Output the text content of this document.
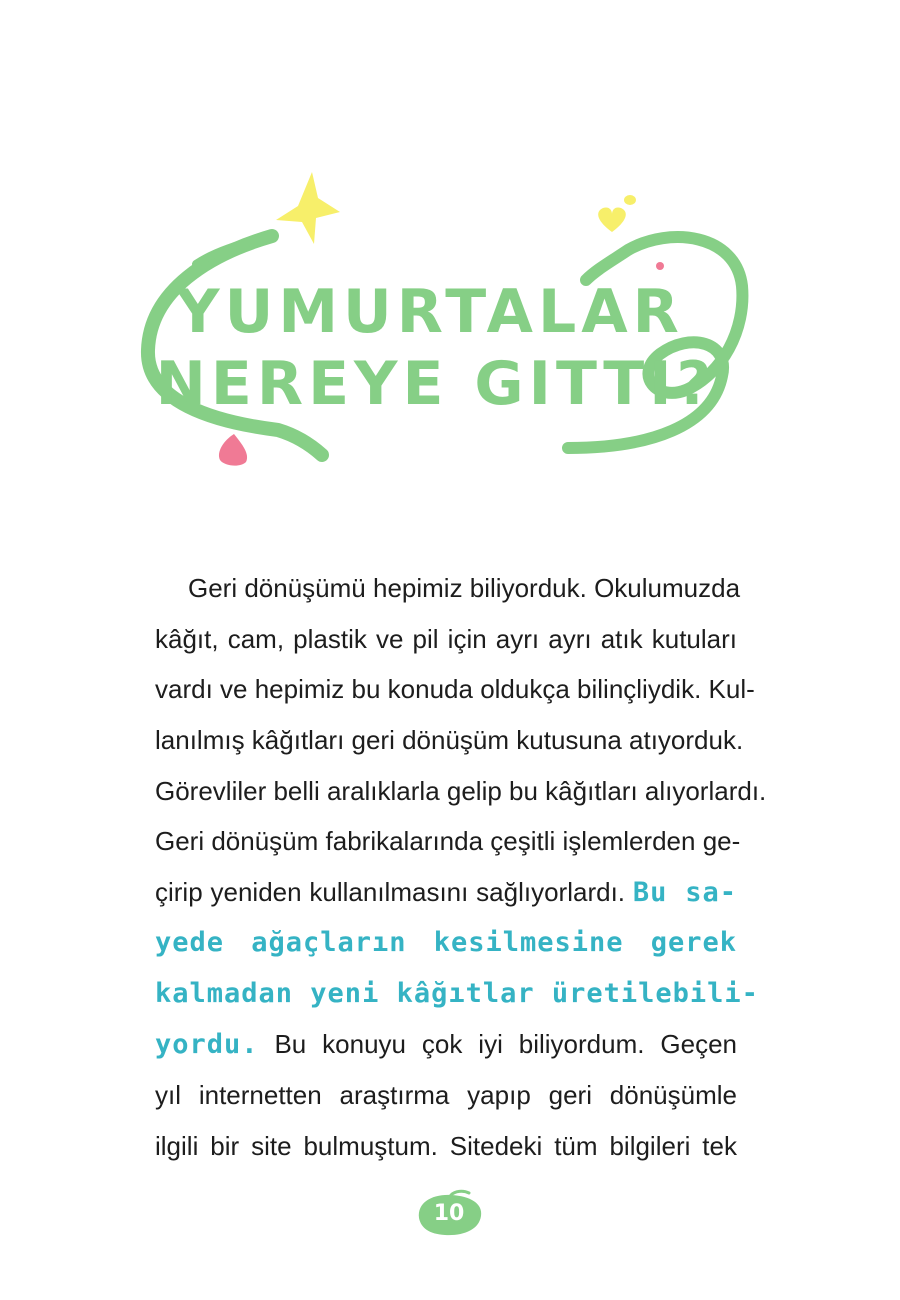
YUMURTALAR
NEREYE GITTI?
Geri dönüşümü hepimiz biliyorduk. Okulumuzda
kâğıt, cam, plastik ve pil için ayrı ayrı atık kutuları
vardı ve hepimiz bu konuda oldukça bilinçliydik. Kul-
lanılmış kâğıtları geri dönüşüm kutusuna atıyorduk.
Görevliler belli aralıklarla gelip bu kâğıtları alıyorlardı.
Geri dönüşüm fabrikalarında çeşitli işlemlerden ge-
çirip yeniden kullanılmasını sağlıyorlardı. Bu sa-
yede ağaçların kesilmesine gerek
kalmadan yeni kâğıtlar üretilebili-
yordu. Bu konuyu çok iyi biliyordum. Geçen
yıl internetten araştırma yapıp geri dönüşümle
ilgili bir site bulmuştum. Sitedeki tüm bilgileri tek
10
